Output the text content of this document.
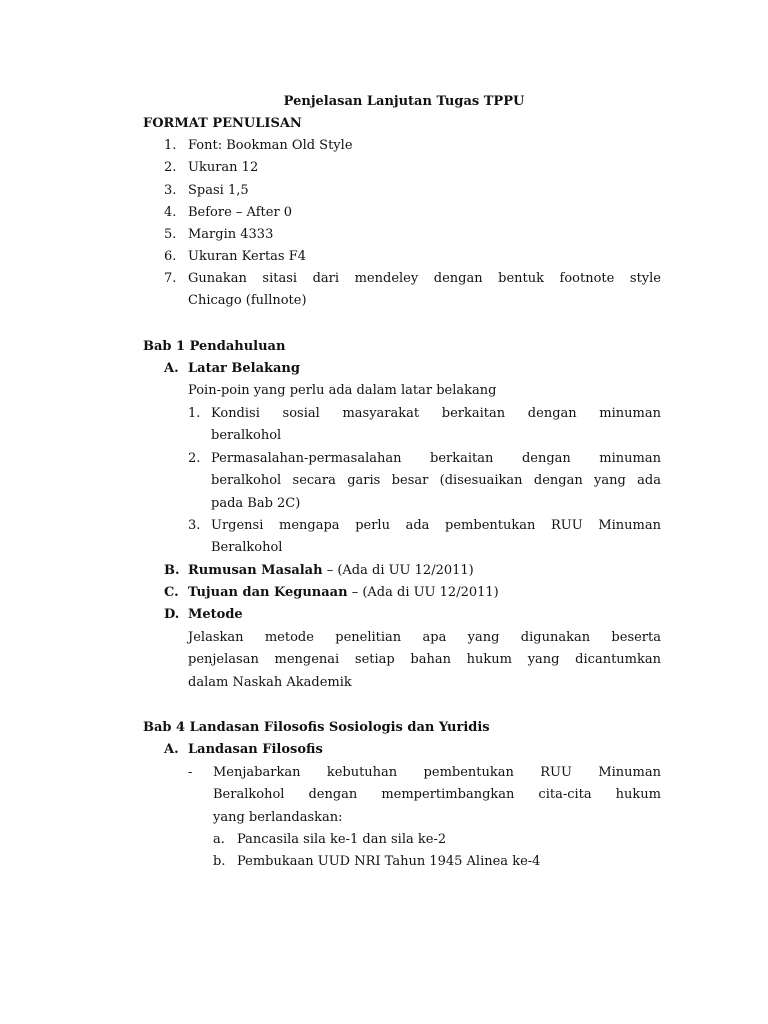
Penjelasan Lanjutan Tugas TPPU
FORMAT PENULISAN
1. Font: Bookman Old Style
2. Ukuran 12
3. Spasi 1,5
4. Before – After 0
5. Margin 4333
6. Ukuran Kertas F4
7. Gunakan sitasi dari mendeley dengan bentuk footnote style
Chicago (fullnote)
Bab 1 Pendahuluan
A. Latar Belakang
Poin-poin yang perlu ada dalam latar belakang
1. Kondisi sosial masyarakat berkaitan dengan minuman
beralkohol
2. Permasalahan-permasalahan berkaitan dengan minuman
beralkohol secara garis besar (disesuaikan dengan yang ada
pada Bab 2C)
3. Urgensi mengapa perlu ada pembentukan RUU Minuman
Beralkohol
B. Rumusan Masalah – (Ada di UU 12/2011)
C. Tujuan dan Kegunaan – (Ada di UU 12/2011)
D. Metode
Jelaskan metode penelitian apa yang digunakan beserta
penjelasan mengenai setiap bahan hukum yang dicantumkan
dalam Naskah Akademik
Bab 4 Landasan Filosofis Sosiologis dan Yuridis
A. Landasan Filosofis
-	Menjabarkan kebutuhan pembentukan RUU Minuman
Beralkohol dengan mempertimbangkan cita-cita hukum
yang berlandaskan:
a. Pancasila sila ke-1 dan sila ke-2
b. Pembukaan UUD NRI Tahun 1945 Alinea ke-4
